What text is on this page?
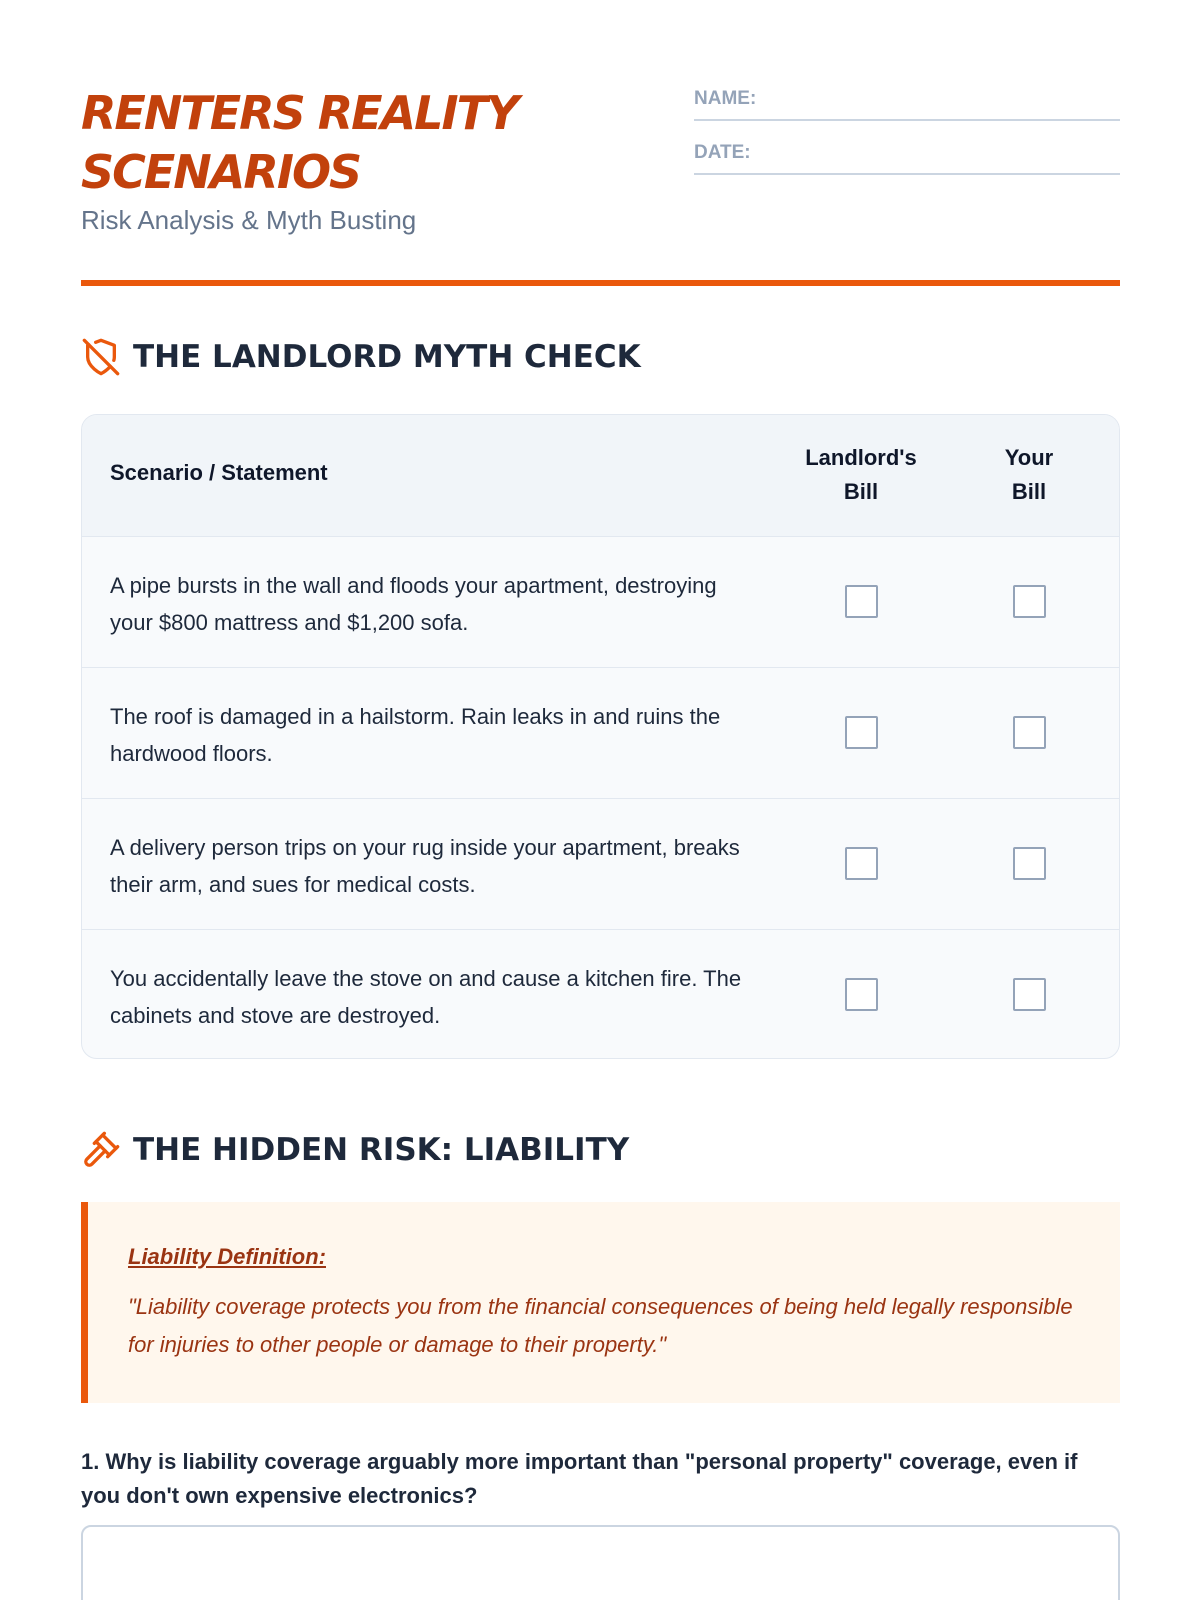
RENTERS REALITY
SCENARIOS
Risk Analysis & Myth Busting
NAME:
DATE:
THE LANDLORD MYTH CHECK
Scenario / Statement
Landlord's
Bill
Your
Bill
A pipe bursts in the wall and floods your apartment, destroying your $800 mattress and $1,200 sofa.
The roof is damaged in a hailstorm. Rain leaks in and ruins the hardwood floors.
A delivery person trips on your rug inside your apartment, breaks their arm, and sues for medical costs.
You accidentally leave the stove on and cause a kitchen fire. The cabinets and stove are destroyed.
THE HIDDEN RISK: LIABILITY
Liability Definition:
"Liability coverage protects you from the financial consequences of being held legally responsible for injuries to other people or damage to their property."
1. Why is liability coverage arguably more important than "personal property" coverage, even if you don't own expensive electronics?
